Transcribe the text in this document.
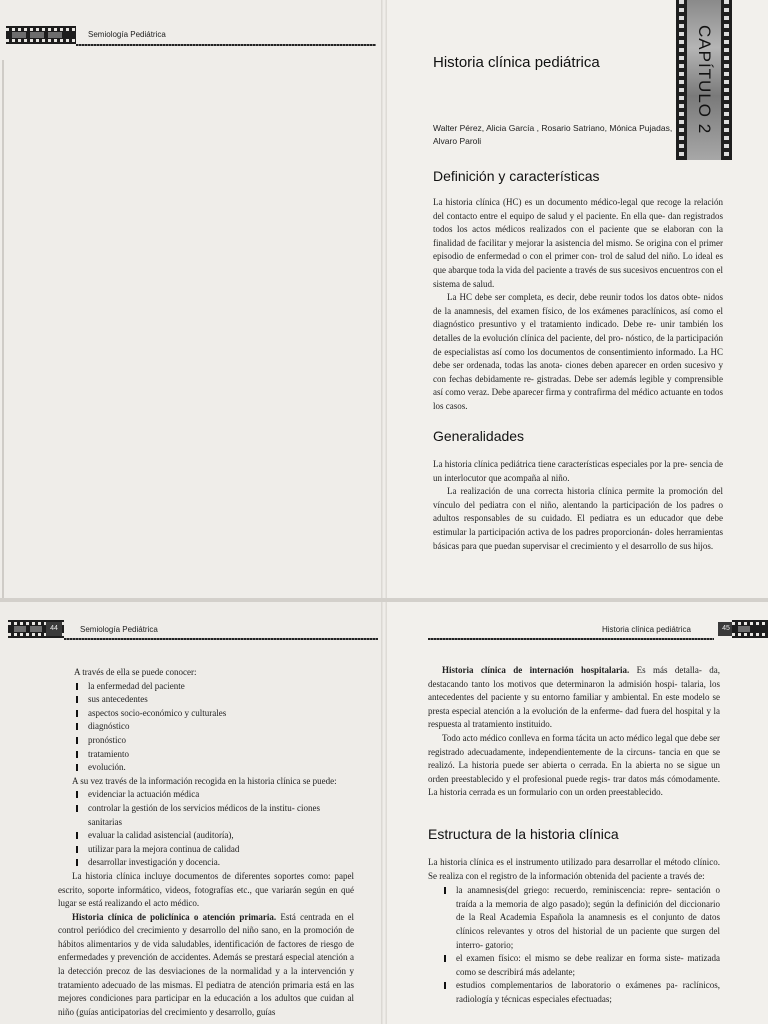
Semiología Pediátrica	CAPÍTULO 2
Historia clínica pediátrica
Walter Pérez, Alicia García , Rosario Satriano, Mónica Pujadas, Alvaro Paroli
Definición y características

La historia clínica (HC) es un documento médico-legal que recoge la relación del contacto entre el equipo de salud y el paciente. En ella que- dan registrados todos los actos médicos realizados con el paciente que se elaboran con la finalidad de facilitar y mejorar la asistencia del mismo. Se origina con el primer episodio de enfermedad o con el primer con- trol de salud del niño. Lo ideal es que abarque toda la vida del paciente a través de sus sucesivos encuentros con el sistema de salud.

La HC debe ser completa, es decir, debe reunir todos los datos obte- nidos de la anamnesis, del examen físico, de los exámenes paraclínicos, así como el diagnóstico presuntivo y el tratamiento indicado. Debe re- unir también los detalles de la evolución clínica del paciente, del pro- nóstico, de la participación de especialistas así como los documentos de consentimiento informado. La HC debe ser ordenada, todas las anota- ciones deben aparecer en orden sucesivo y con fechas debidamente re- gistradas. Debe ser además legible y comprensible así como veraz. Debe aparecer firma y contrafirma del médico actuante en todos los casos.

Generalidades

La historia clínica pediátrica tiene características especiales por la pre- sencia de un interlocutor que acompaña al niño.

La realización de una correcta historia clínica permite la promoción del vínculo del pediatra con el niño, alentando la participación de los padres o adultos responsables de su cuidado. El pediatra es un educador que debe estimular la participación activa de los padres proporcionán- doles herramientas básicas para que puedan supervisar el crecimiento y el desarrollo de sus hijos.

44	Semiología Pediátrica

A través de ella se puede conocer:

la enfermedad del paciente
sus antecedentes
aspectos socio-económico y culturales
diagnóstico
pronóstico
tratamiento
evolución.

A su vez través de la información recogida en la historia clínica se puede:

evidenciar la actuación médica
controlar la gestión de los servicios médicos de la institu- ciones sanitarias
evaluar la calidad asistencial (auditoría),
utilizar para la mejora continua de calidad
desarrollar investigación y docencia.

La historia clínica incluye documentos de diferentes soportes como: papel escrito, soporte informático, videos, fotografías etc., que variarán según en qué lugar se está realizando el acto médico.

Historia clínica de policlínica o atención primaria. Está centrada en el control periódico del crecimiento y desarrollo del niño sano, en la promoción de hábitos alimentarios y de vida saludables, identificación de factores de riesgo de enfermedades y prevención de accidentes. Además se prestará especial atención a la detección precoz de las desviaciones de la normalidad y a la intervención y tratamiento adecuado de las mismas. El pediatra de atención primaria está en las mejores condiciones para participar en la educación a los adultos que cuidan al niño (guías anticipatorias del crecimiento y desarrollo, guías

Historia clínica pediátrica	45

Historia clínica de internación hospitalaria. Es más detalla- da, destacando tanto los motivos que determinaron la admisión hospi- talaria, los antecedentes del paciente y su entorno familiar y ambiental. En este modelo se presta especial atención a la evolución de la enferme- dad fuera del hospital y la respuesta al tratamiento instituido.

Todo acto médico conlleva en forma tácita un acto médico legal que debe ser registrado adecuadamente, independientemente de la circuns- tancia en que se realizó. La historia puede ser abierta o cerrada. En la abierta no se sigue un orden preestablecido y el profesional puede regis- trar datos más cómodamente. La historia cerrada es un formulario con un orden preestablecido.

Estructura de la historia clínica

La historia clínica es el instrumento utilizado para desarrollar el método clínico. Se realiza con el registro de la información obtenida del paciente a través de:

la anamnesis(del griego: recuerdo, reminiscencia: repre- sentación o traída a la memoria de algo pasado); según la definición del diccionario de la Real Academia Española la anamnesis es el conjunto de datos clínicos relevantes y otros del historial de un paciente que surgen del interro- gatorio;
el examen físico: el mismo se debe realizar en forma siste- matizada como se describirá más adelante;
estudios complementarios de laboratorio o exámenes pa- raclínicos, radiología y técnicas especiales efectuadas;
